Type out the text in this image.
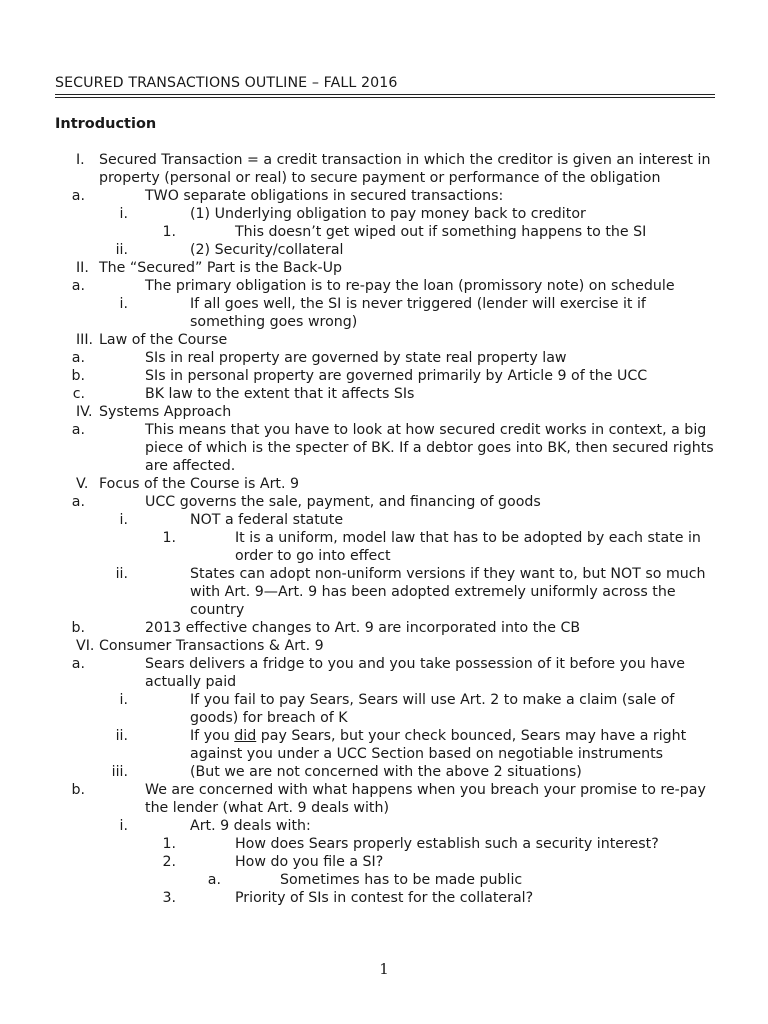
SECURED TRANSACTIONS OUTLINE – FALL 2016
Introduction
I. Secured Transaction = a credit transaction in which the creditor is given an interest in property (personal or real) to secure payment or performance of the obligation
a.	TWO separate obligations in secured transactions:
i.	(1) Underlying obligation to pay money back to creditor
1.	This doesn’t get wiped out if something happens to the SI
ii.	(2) Security/collateral
II. The “Secured” Part is the Back-Up
a.	The primary obligation is to re-pay the loan (promissory note) on schedule
i.	If all goes well, the SI is never triggered (lender will exercise it if something goes wrong)
III. Law of the Course
a.	SIs in real property are governed by state real property law
b.	SIs in personal property are governed primarily by Article 9 of the UCC
c.	BK law to the extent that it affects SIs
IV. Systems Approach
a.	This means that you have to look at how secured credit works in context, a big piece of which is the specter of BK. If a debtor goes into BK, then secured rights are affected.
V. Focus of the Course is Art. 9
a.	UCC governs the sale, payment, and financing of goods
i.	NOT a federal statute
1.	It is a uniform, model law that has to be adopted by each state in order to go into effect
ii.	States can adopt non-uniform versions if they want to, but NOT so much with Art. 9—Art. 9 has been adopted extremely uniformly across the country
b.	2013 effective changes to Art. 9 are incorporated into the CB
VI. Consumer Transactions & Art. 9
a.	Sears delivers a fridge to you and you take possession of it before you have actually paid
i.	If you fail to pay Sears, Sears will use Art. 2 to make a claim (sale of goods) for breach of K
ii.	If you did pay Sears, but your check bounced, Sears may have a right against you under a UCC Section based on negotiable instruments
iii.	(But we are not concerned with the above 2 situations)
b.	We are concerned with what happens when you breach your promise to re-pay the lender (what Art. 9 deals with)
i.	Art. 9 deals with:
1.	How does Sears properly establish such a security interest?
2.	How do you file a SI?
a.	Sometimes has to be made public
3.	Priority of SIs in contest for the collateral?
1
